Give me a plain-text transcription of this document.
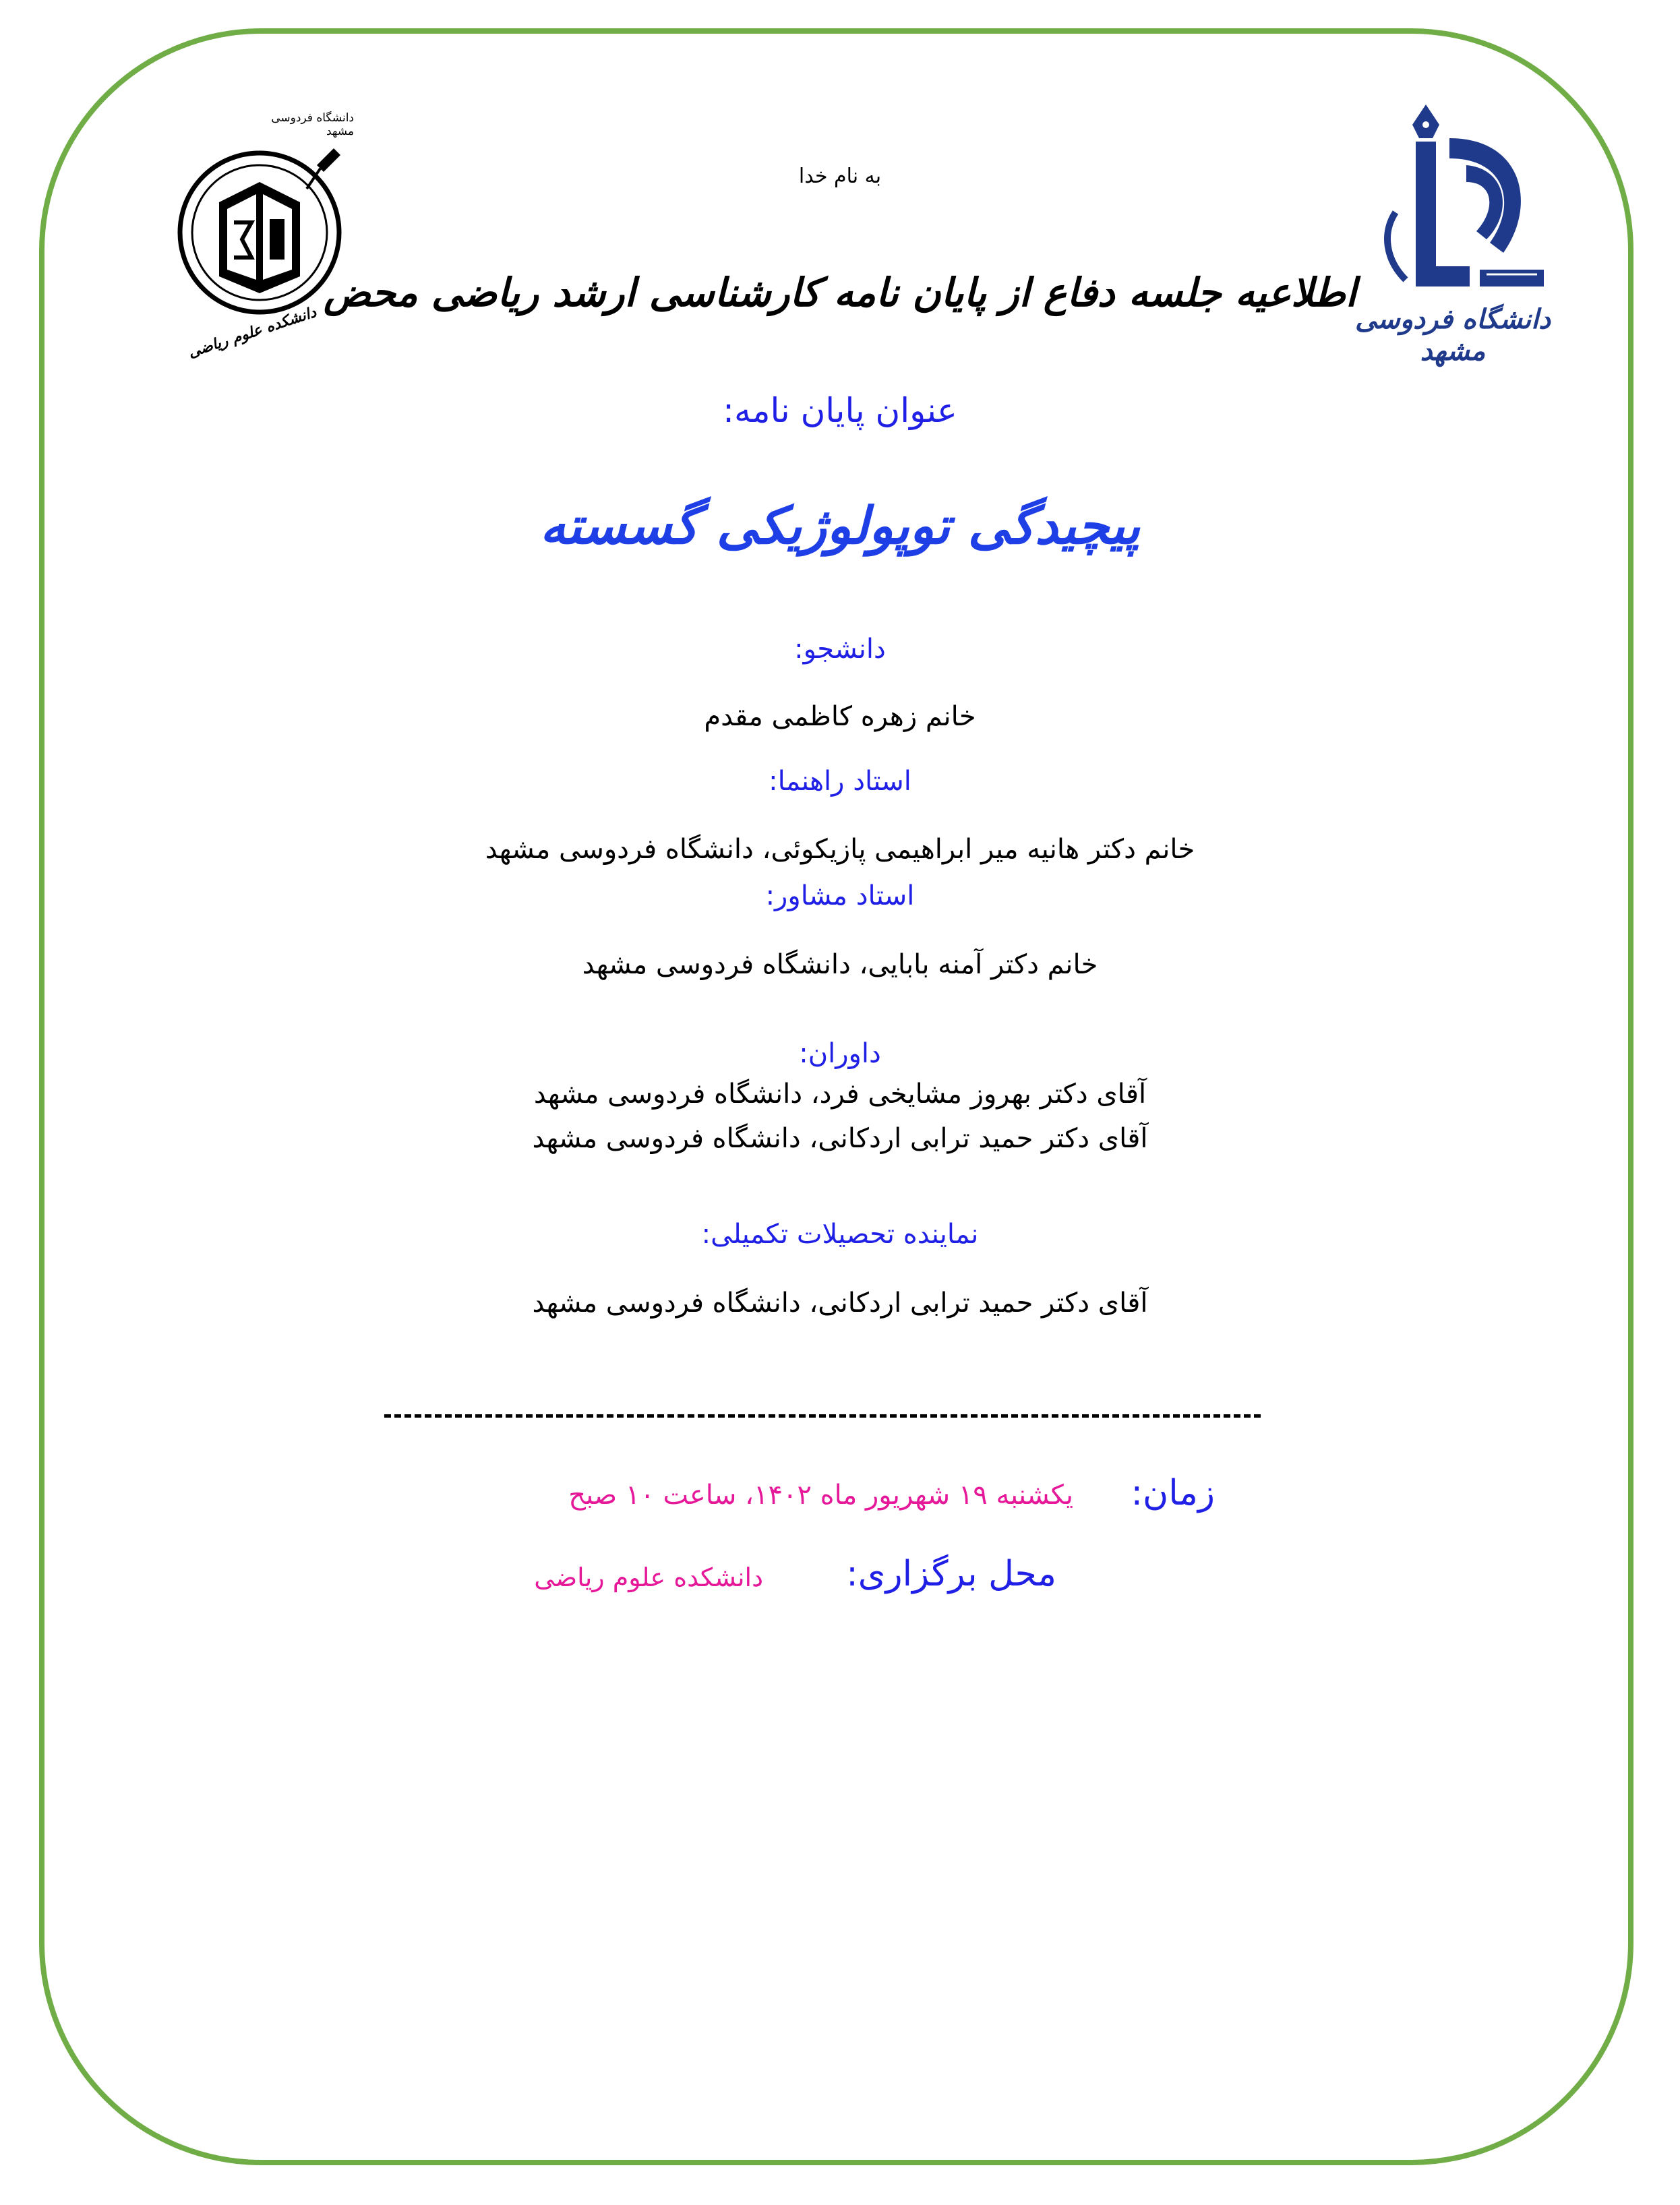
دانشگاه فردوسی مشهد
دانشکده علوم ریاضی	دانشگاه فردوسی مشهد
به نام خدا
اطلاعیه جلسه دفاع از پایان نامه کارشناسی ارشد ریاضی محض
عنوان پایان نامه:
پیچیدگی توپولوژیکی گسسته
دانشجو:
خانم زهره کاظمی مقدم
استاد راهنما:
خانم دکتر هانیه میر ابراهیمی پازیکوئی، دانشگاه فردوسی مشهد
استاد مشاور:
خانم دکتر آمنه بابایی، دانشگاه فردوسی مشهد
داوران:
آقای دکتر بهروز مشایخی فرد، دانشگاه فردوسی مشهد
آقای دکتر حمید ترابی اردکانی، دانشگاه فردوسی مشهد
نماینده تحصیلات تکمیلی:
آقای دکتر حمید ترابی اردکانی، دانشگاه فردوسی مشهد
زمان:
یکشنبه ۱۹ شهریور ماه ۱۴۰۲، ساعت ۱۰ صبح
محل برگزاری:
دانشکده علوم ریاضی
